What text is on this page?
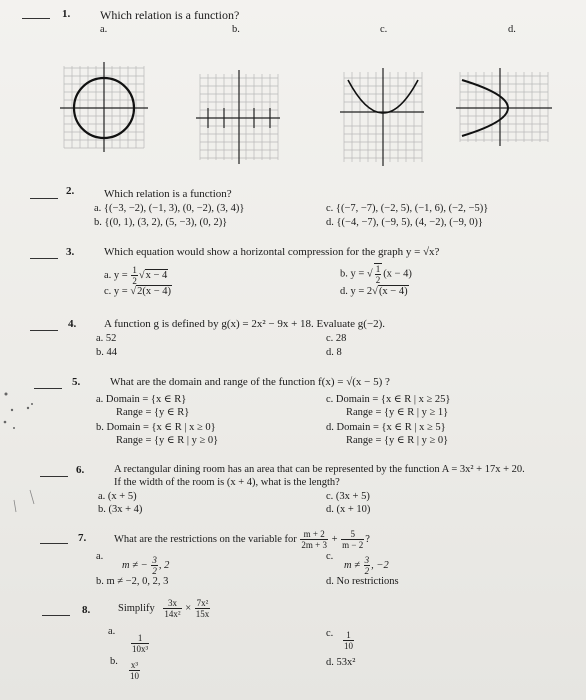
1. Which relation is a function?
a.	b.	c.	d.
2.	Which relation is a function?
a. {(−3, −2), (−1, 3), (0, −2), (3, 4)}
b. {(0, 1), (3, 2), (5, −3), (0, 2)}
c. {(−7, −7), (−2, 5), (−1, 6), (−2, −5)}
d. {(−4, −7), (−9, 5), (4, −2), (−9, 0)}
3.	Which equation would show a horizontal compression for the graph y = √x?
a. $y = \frac{1}{2} √x - 4$	b. y = √ $\frac{1}{2} (x - 4)$
c. y = √2(x − 4)	d. y = 2√(x − 4)
4.	A function g is defined by g(x) = 2x² − 9x + 18. Evaluate g(−2).
a. 52
b. 44
c. 28
d. 8
5.	What are the domain and range of the function f(x) = √(x − 5) ?
a. Domain = {x ∈ R}
Range = {y ∈ R}
b. Domain = {x ∈ R | x ≥ 0}
Range = {y ∈ R | y ≥ 0}
c. Domain = {x ∈ R | x ≥ 25}
Range = {y ∈ R | y ≥ 1}
d. Domain = {x ∈ R | x ≥ 5}
Range = {y ∈ R | y ≥ 0}
6.	A rectangular dining room has an area that can be represented by the function A = 3x² + 17x + 20.
If the width of the room is (x + 4), what is the length?
a. (x + 5)
b. (3x + 4)
c. (3x + 5)
d. (x + 10)
7.	What are the restrictions on the variable for $\frac{m + 2}{2m + 3} + \frac{5}{m - 2}$ ?
a.
m ≠ − $\frac{3}{2}$ , 2
b. m ≠ −2, 0, 2, 3
c.
$m \ne \frac{3}{2}$ , −2
d. No restrictions
8.	Simplify $\frac{3x}{\text{14x²}} \times \frac{\text{7x²}}{15x}$
a.
$\frac{1}{\text{10x³}}$
b. $\frac{\text{x³}}{10}$
c. $\frac{1}{10}$
d. 53x²
